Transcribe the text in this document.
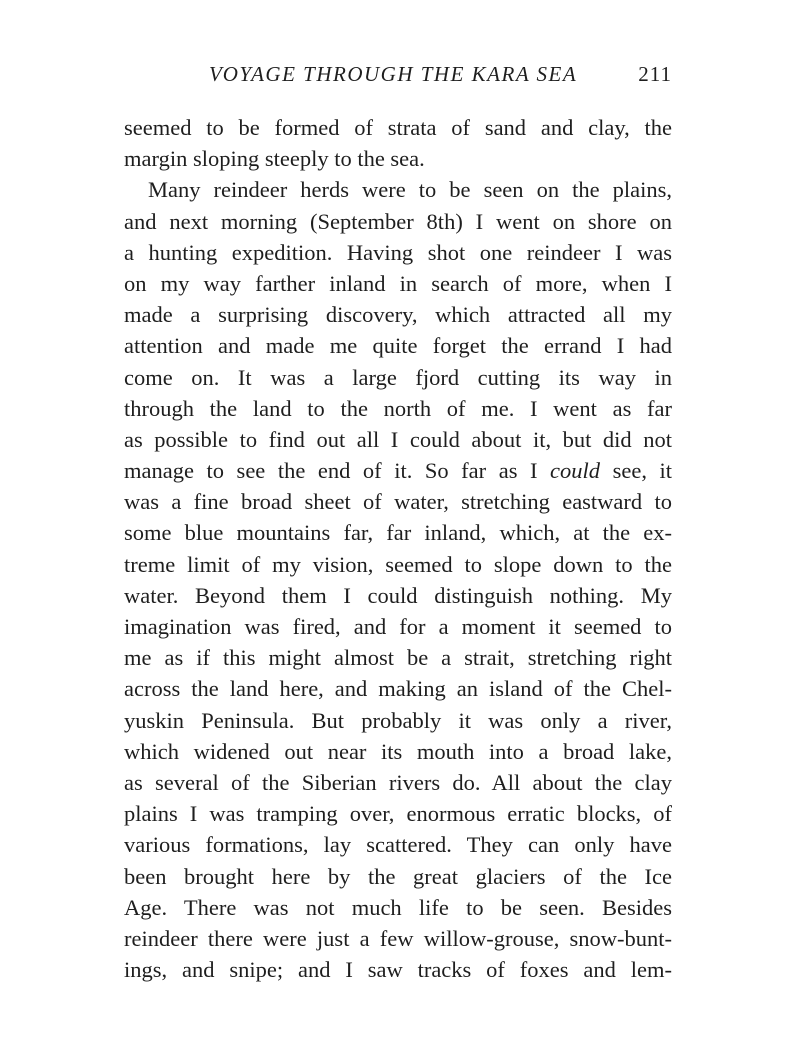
VOYAGE THROUGH THE KARA SEA	211
seemed to be formed of strata of sand and clay, the
margin sloping steeply to the sea.
Many reindeer herds were to be seen on the plains,
and next morning (September 8th) I went on shore on
a hunting expedition. Having shot one reindeer I was
on my way farther inland in search of more, when I
made a surprising discovery, which attracted all my
attention and made me quite forget the errand I had
come on. It was a large fjord cutting its way in
through the land to the north of me. I went as far
as possible to find out all I could about it, but did not
manage to see the end of it. So far as I could see, it
was a fine broad sheet of water, stretching eastward to
some blue mountains far, far inland, which, at the ex-
treme limit of my vision, seemed to slope down to the
water. Beyond them I could distinguish nothing. My
imagination was fired, and for a moment it seemed to
me as if this might almost be a strait, stretching right
across the land here, and making an island of the Chel-
yuskin Peninsula. But probably it was only a river,
which widened out near its mouth into a broad lake,
as several of the Siberian rivers do. All about the clay
plains I was tramping over, enormous erratic blocks, of
various formations, lay scattered. They can only have
been brought here by the great glaciers of the Ice
Age. There was not much life to be seen. Besides
reindeer there were just a few willow-grouse, snow-bunt-
ings, and snipe; and I saw tracks of foxes and lem-
